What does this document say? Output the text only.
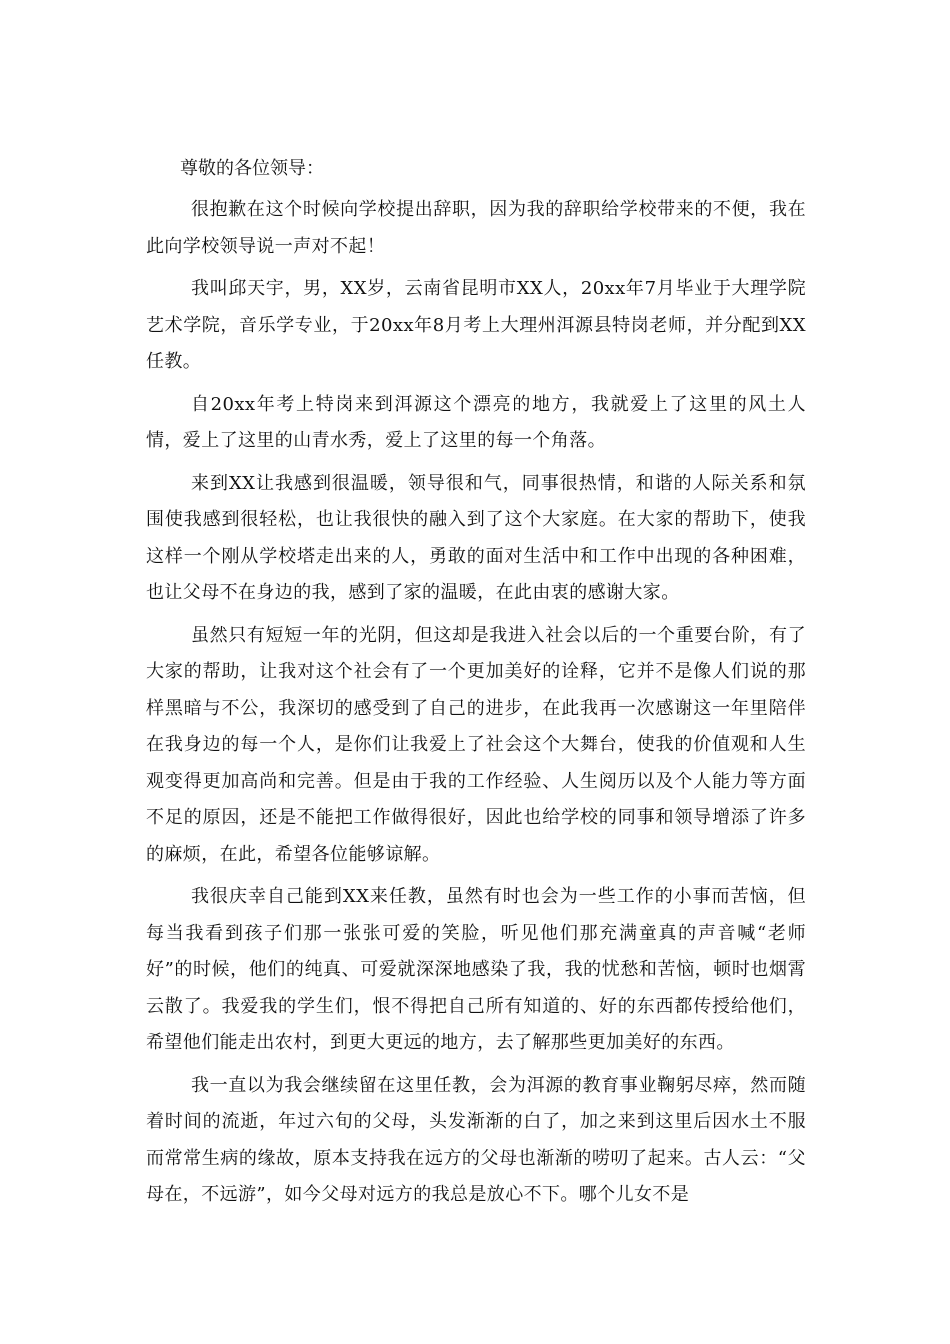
尊敬的各位领导：

很抱歉在这个时候向学校提出辞职，因为我的辞职给学校带来的不便，我在此向学校领导说一声对不起！

我叫邱天宇，男，XX岁，云南省昆明市XX人，20xx年7月毕业于大理学院艺术学院，音乐学专业，于20xx年8月考上大理州洱源县特岗老师，并分配到XX任教。

自20xx年考上特岗来到洱源这个漂亮的地方，我就爱上了这里的风土人情，爱上了这里的山青水秀，爱上了这里的每一个角落。

来到XX让我感到很温暖，领导很和气，同事很热情，和谐的人际关系和氛围使我感到很轻松，也让我很快的融入到了这个大家庭。在大家的帮助下，使我这样一个刚从学校塔走出来的人，勇敢的面对生活中和工作中出现的各种困难，也让父母不在身边的我，感到了家的温暖，在此由衷的感谢大家。

虽然只有短短一年的光阴，但这却是我进入社会以后的一个重要台阶，有了大家的帮助，让我对这个社会有了一个更加美好的诠释，它并不是像人们说的那样黑暗与不公，我深切的感受到了自己的进步，在此我再一次感谢这一年里陪伴在我身边的每一个人，是你们让我爱上了社会这个大舞台，使我的价值观和人生观变得更加高尚和完善。但是由于我的工作经验、人生阅历以及个人能力等方面不足的原因，还是不能把工作做得很好，因此也给学校的同事和领导增添了许多的麻烦，在此，希望各位能够谅解。

我很庆幸自己能到XX来任教，虽然有时也会为一些工作的小事而苦恼，但每当我看到孩子们那一张张可爱的笑脸，听见他们那充满童真的声音喊“老师好”的时候，他们的纯真、可爱就深深地感染了我，我的忧愁和苦恼，顿时也烟霄云散了。我爱我的学生们，恨不得把自己所有知道的、好的东西都传授给他们，希望他们能走出农村，到更大更远的地方，去了解那些更加美好的东西。

我一直以为我会继续留在这里任教，会为洱源的教育事业鞠躬尽瘁，然而随着时间的流逝，年过六旬的父母，头发渐渐的白了，加之来到这里后因水土不服而常常生病的缘故，原本支持我在远方的父母也渐渐的唠叨了起来。古人云：“父母在，不远游”，如今父母对远方的我总是放心不下。哪个儿女不是
